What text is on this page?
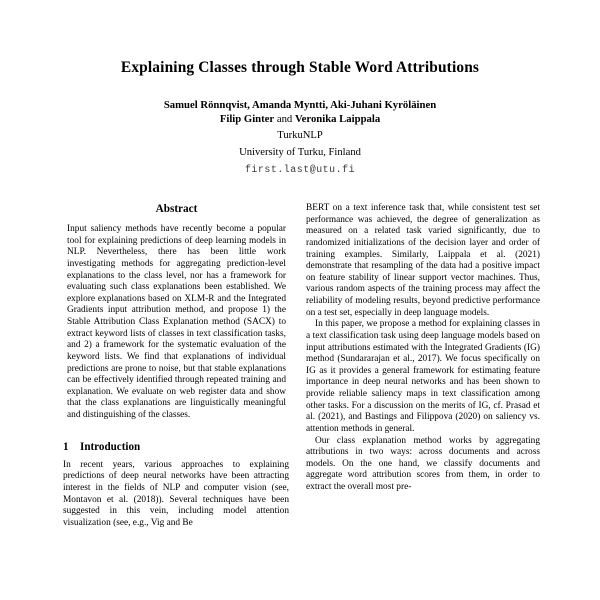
Explaining Classes through Stable Word Attributions
Samuel Rönnqvist, Amanda Myntti, Aki-Juhani Kyröläinen
Filip Ginter and Veronika Laippala
TurkuNLP
University of Turku, Finland
first.last@utu.fi
Abstract

Input saliency methods have recently become a popular tool for explaining predictions of deep learning models in NLP. Nevertheless, there has been little work investigating methods for aggregating prediction-level explanations to the class level, nor has a framework for evaluating such class explanations been established. We explore explanations based on XLM-R and the Integrated Gradients input attribution method, and propose 1) the Stable Attribution Class Explanation method (SACX) to extract keyword lists of classes in text classification tasks, and 2) a framework for the systematic evaluation of the keyword lists. We find that explanations of individual predictions are prone to noise, but that stable explanations can be effectively identified through repeated training and explanation. We evaluate on web register data and show that the class explanations are linguistically meaningful and distinguishing of the classes.

1 Introduction

In recent years, various approaches to explaining predictions of deep neural networks have been attracting interest in the fields of NLP and computer vision (see, Montavon et al. (2018)). Several techniques have been suggested in this vein, including model attention visualization (see, e.g., Vig and Be

BERT on a text inference task that, while consistent test set performance was achieved, the degree of generalization as measured on a related task varied significantly, due to randomized initializations of the decision layer and order of training examples. Similarly, Laippala et al. (2021) demonstrate that resampling of the data had a positive impact on feature stability of linear support vector machines. Thus, various random aspects of the training process may affect the reliability of modeling results, beyond predictive performance on a test set, especially in deep language models.

In this paper, we propose a method for explaining classes in a text classification task using deep language models based on input attributions estimated with the Integrated Gradients (IG) method (Sundararajan et al., 2017). We focus specifically on IG as it provides a general framework for estimating feature importance in deep neural networks and has been shown to provide reliable saliency maps in text classification among other tasks. For a discussion on the merits of IG, cf. Prasad et al. (2021), and Bastings and Filippova (2020) on saliency vs. attention methods in general.

Our class explanation method works by aggregating attributions in two ways: across documents and across models. On the one hand, we classify documents and aggregate word attribution scores from them, in order to extract the overall most pre-
